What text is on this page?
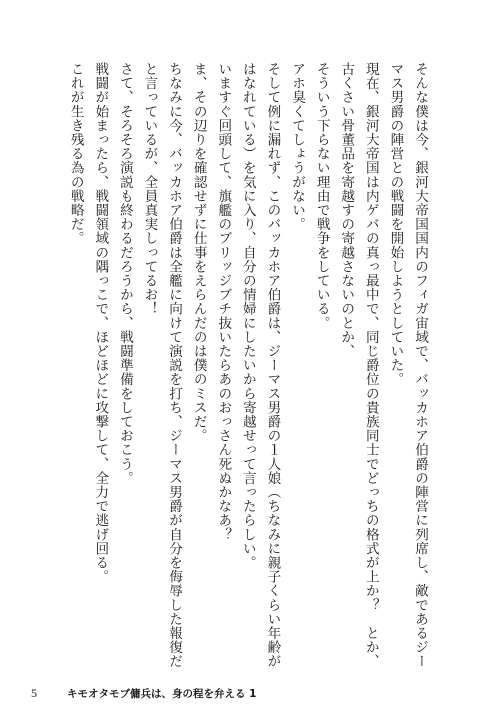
そんな僕は今、銀河大帝国国内のフィガ宙域で、バッカホア伯爵の陣営に列席し、敵であるジー
マス男爵の陣営との戦闘を開始しようとしていた。
現在、銀河大帝国は内ゲバの真っ最中で、同じ爵位の貴族同士でどっちの格式が上か？　とか、
古くさい骨董品を寄越すの寄越さないのとか、
そういう下らない理由で戦争をしている。
アホ臭くてしょうがない。
そして例に漏れず、このバッカホア伯爵は、ジーマス男爵の１人娘（ちなみに親子くらい年齢が
はなれている）を気に入り、自分の情婦にしたいから寄越せって言ったらしい。
いますぐ回頭して、旗艦のブリッジブチ抜いたらあのおっさん死ぬかなあ？
ま、その辺りを確認せずに仕事をえらんだのは僕のミスだ。
ちなみに今、バッカホア伯爵は全艦に向けて演説を打ち、ジーマス男爵が自分を侮辱した報復だ
と言っているが、全員真実しってるお！
さて、そろそろ演説も終わるだろうから、戦闘準備をしておこう。
戦闘が始まったら、戦闘領域の隅っこで、ほどほどに攻撃して、全力で逃げ回る。
これが生き残る為の戦略だ。
5	キモオタモブ傭兵は、身の程を弁える 1
